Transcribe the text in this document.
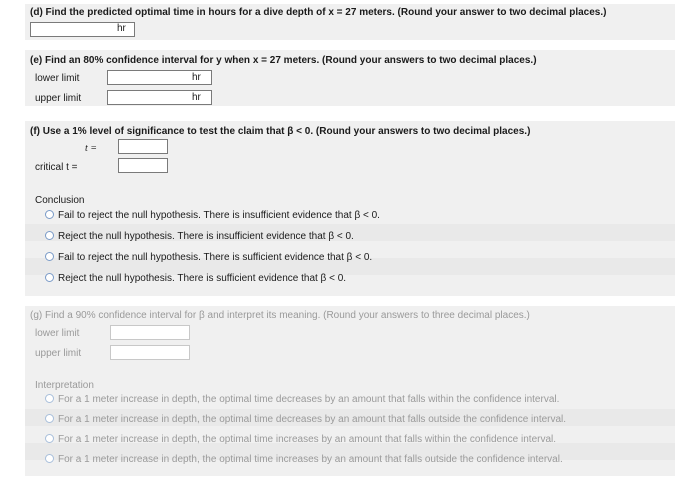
(d) Find the predicted optimal time in hours for a dive depth of x = 27 meters. (Round your answer to two decimal places.)
hr
(e) Find an 80% confidence interval for y when x = 27 meters. (Round your answers to two decimal places.)
lower limit	hr
upper limit	hr
(f) Use a 1% level of significance to test the claim that β < 0. (Round your answers to two decimal places.)
t =
critical t =
Conclusion
Fail to reject the null hypothesis. There is insufficient evidence that β < 0.
Reject the null hypothesis. There is insufficient evidence that β < 0.
Fail to reject the null hypothesis. There is sufficient evidence that β < 0.
Reject the null hypothesis. There is sufficient evidence that β < 0.
(g) Find a 90% confidence interval for β and interpret its meaning. (Round your answers to three decimal places.)
lower limit
upper limit
Interpretation
For a 1 meter increase in depth, the optimal time decreases by an amount that falls within the confidence interval.
For a 1 meter increase in depth, the optimal time decreases by an amount that falls outside the confidence interval.
For a 1 meter increase in depth, the optimal time increases by an amount that falls within the confidence interval.
For a 1 meter increase in depth, the optimal time increases by an amount that falls outside the confidence interval.
